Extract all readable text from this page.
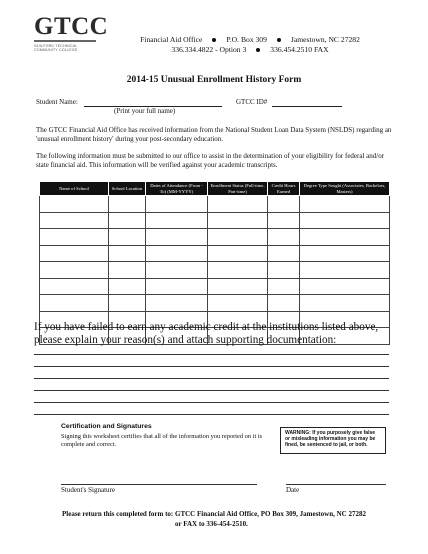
GTCC
GUILFORD TECHNICAL COMMUNITY COLLEGE
Financial Aid Office	P.O. Box 309	Jamestown, NC 27282
336.334.4822 - Option 3	336.454.2510 FAX
2014-15 Unusual Enrollment History Form
Student Name:
(Print your full name)
GTCC ID#
The GTCC Financial Aid Office has received information from the National Student Loan Data System (NSLDS) regarding an 'unusual enrollment history' during your post-secondary education.
The following information must be submitted to our office to assist in the determination of your eligibility for federal and/or state financial aid. This information will be verified against your academic transcripts.
Name of School	School Location	Dates of Attendance (From - To) (MM-YYYY)	Enrollment Status (Full-time, Part-time)	Credit Hours Earned	Degree Type Sought (Associates, Bachelors, Masters)

If you have failed to earn any academic credit at the institutions listed above, please explain your reason(s) and attach supporting documentation:
Certification and Signatures
Signing this worksheet certifies that all of the information you reported on it is complete and correct.
WARNING: If you purposely give false or misleading information you may be fined, be sentenced to jail, or both.
Student's Signature	Date
Please return this completed form to: GTCC Financial Aid Office, PO Box 309, Jamestown, NC 27282
or FAX to 336-454-2510.
